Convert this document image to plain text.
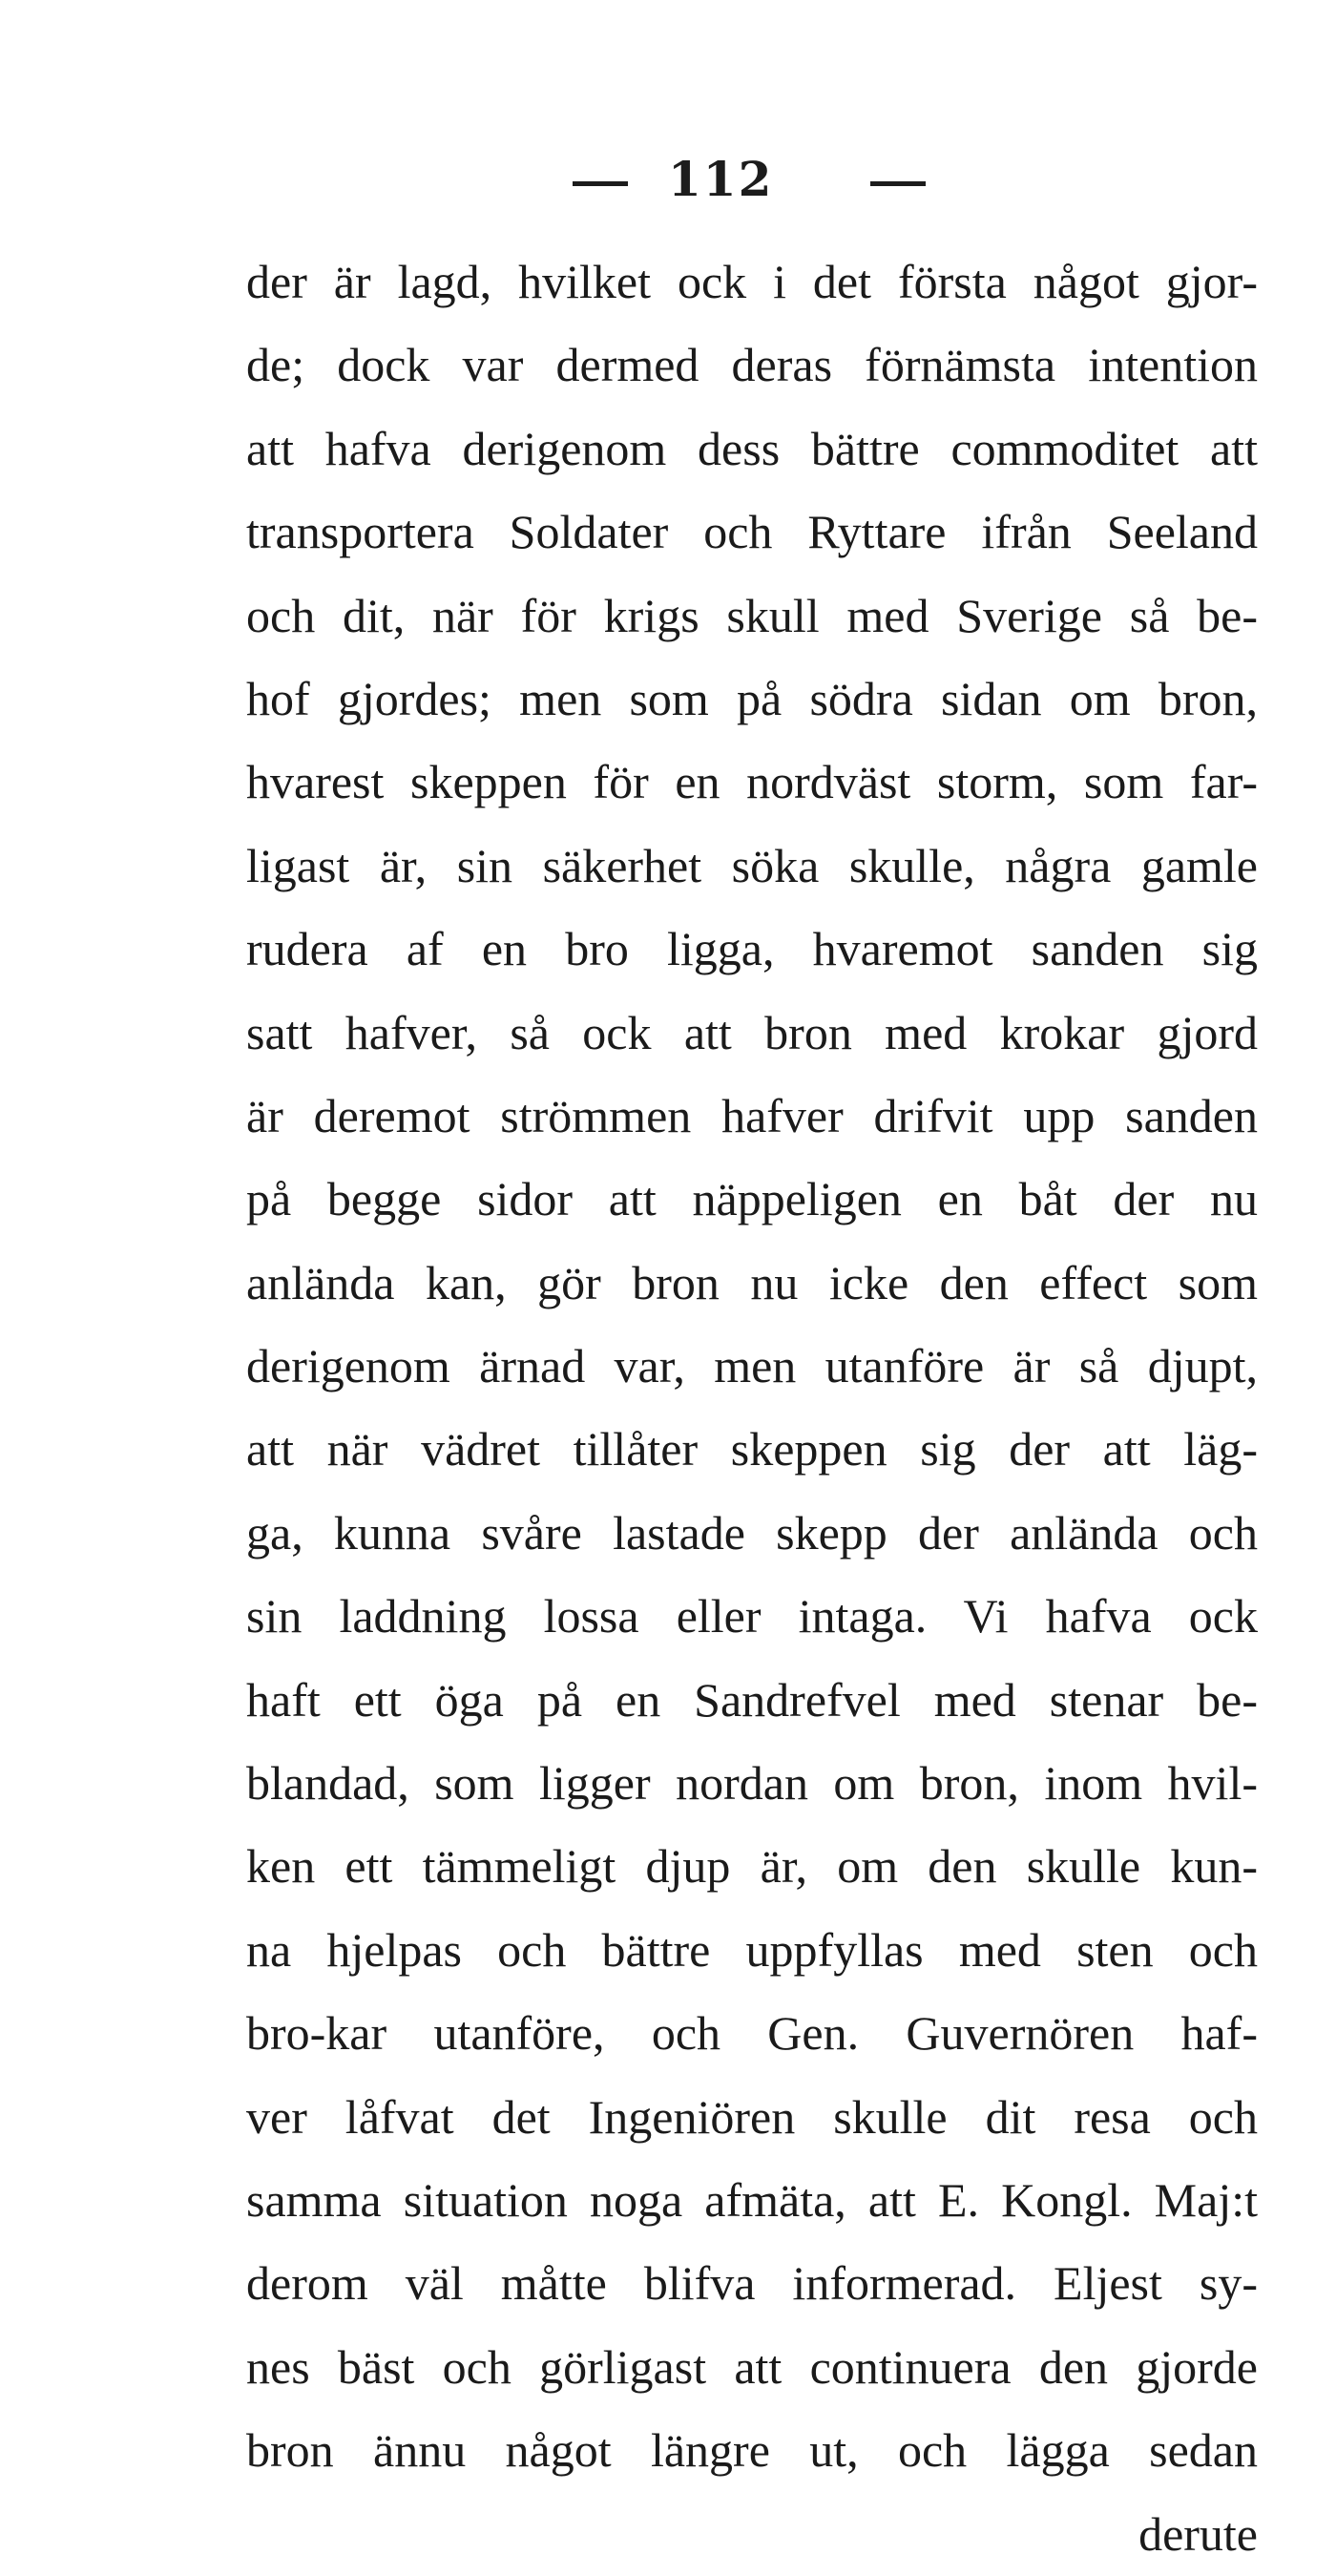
112
der är lagd, hvilket ock i det första något gjor-
de; dock var dermed deras förnämsta intention
att hafva derigenom dess bättre commoditet att
transportera Soldater och Ryttare ifrån Seeland
och dit, när för krigs skull med Sverige så be-
hof gjordes; men som på södra sidan om bron,
hvarest skeppen för en nordväst storm, som far-
ligast är, sin säkerhet söka skulle, några gamle
rudera af en bro ligga, hvaremot sanden sig
satt hafver, så ock att bron med krokar gjord
är deremot strömmen hafver drifvit upp sanden
på begge sidor att näppeligen en båt der nu
anlända kan, gör bron nu icke den effect som
derigenom ärnad var, men utanföre är så djupt,
att när vädret tillåter skeppen sig der att läg-
ga, kunna svåre lastade skepp der anlända och
sin laddning lossa eller intaga. Vi hafva ock
haft ett öga på en Sandrefvel med stenar be-
blandad, som ligger nordan om bron, inom hvil-
ken ett tämmeligt djup är, om den skulle kun-
na hjelpas och bättre uppfyllas med sten och
bro-kar utanföre, och Gen. Guvernören haf-
ver låfvat det Ingeniören skulle dit resa och
samma situation noga afmäta, att E. Kongl. Maj:t
derom väl måtte blifva informerad. Eljest sy-
nes bäst och görligast att continuera den gjorde
bron ännu något längre ut, och lägga sedan
derute
